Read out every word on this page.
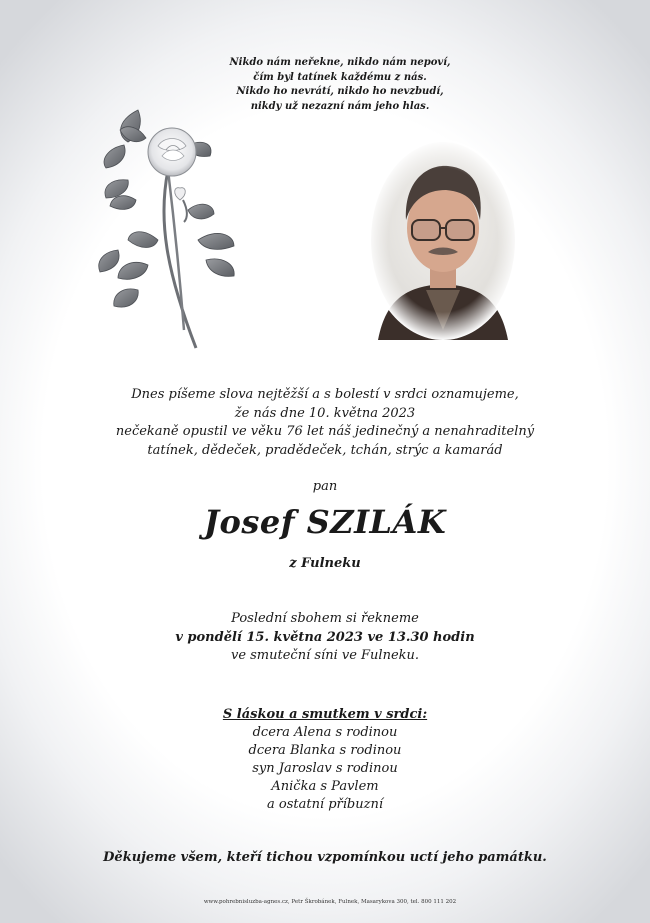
Nikdo nám neřekne, nikdo nám nepoví,
čím byl tatínek každému z nás.
Nikdo ho nevrátí, nikdo ho nevzbudí,
nikdy už nezazní nám jeho hlas.
Dnes píšeme slova nejtěžší a s bolestí v srdci oznamujeme,
že nás dne 10. května 2023
nečekaně opustil ve věku 76 let náš jedinečný a nenahraditelný
tatínek, dědeček, pradědeček, tchán, strýc a kamarád
pan
Josef SZILÁK
z Fulneku
Poslední sbohem si řekneme
v pondělí 15. května 2023 ve 13.30 hodin
ve smuteční síni ve Fulneku.
S láskou a smutkem v srdci:
dcera Alena s rodinou
dcera Blanka s rodinou
syn Jaroslav s rodinou
Anička s Pavlem
a ostatní příbuzní
Děkujeme všem, kteří tichou vzpomínkou uctí jeho památku.
www.pohrebnisluzba-agnes.cz, Petr Škrobánek, Fulnek, Masarykova 300, tel. 800 111 202
